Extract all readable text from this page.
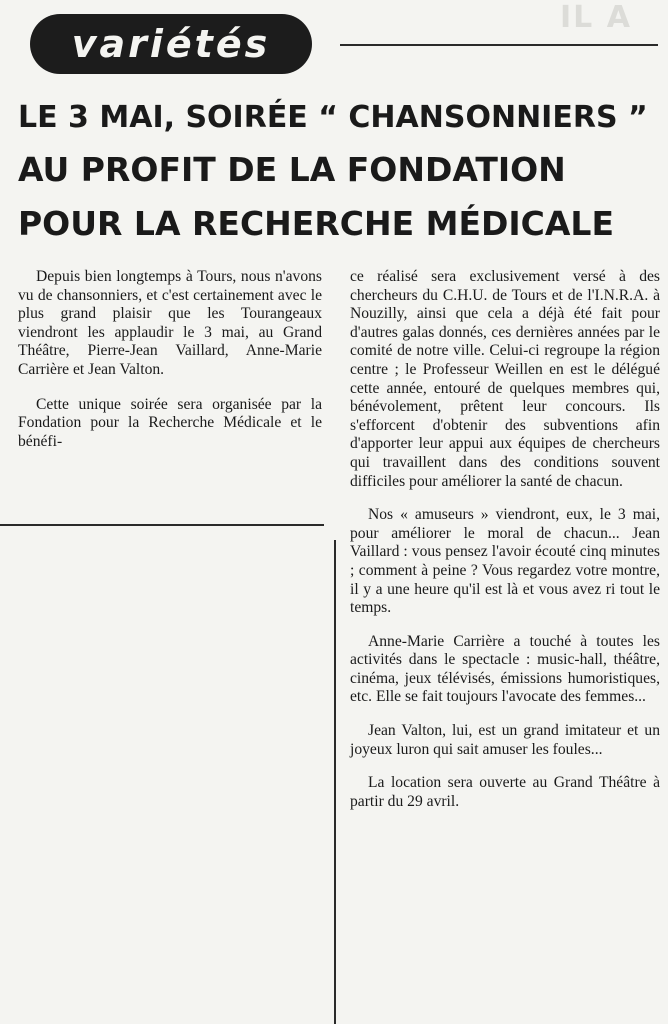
IL A
variétés
LE 3 MAI, SOIRÉE “ CHANSONNIERS ”
AU PROFIT DE LA FONDATION
POUR LA RECHERCHE MÉDICALE

Depuis bien longtemps à Tours, nous n'avons vu de chansonniers, et c'est certainement avec le plus grand plaisir que les Tourangeaux viendront les applaudir le 3 mai, au Grand Théâtre, Pierre-Jean Vaillard, Anne-Marie Carrière et Jean Valton.

Cette unique soirée sera organisée par la Fondation pour la Recherche Médicale et le bénéfi-

ce réalisé sera exclusivement versé à des chercheurs du C.H.U. de Tours et de l'I.N.R.A. à Nouzilly, ainsi que cela a déjà été fait pour d'autres galas donnés, ces dernières années par le comité de notre ville. Celui-ci regroupe la région centre ; le Professeur Weillen en est le délégué cette année, entouré de quelques membres qui, bénévolement, prêtent leur concours. Ils s'efforcent d'obtenir des subventions afin d'apporter leur appui aux équipes de chercheurs qui travaillent dans des conditions souvent difficiles pour améliorer la santé de chacun.

Nos « amuseurs » viendront, eux, le 3 mai, pour améliorer le moral de chacun... Jean Vaillard : vous pensez l'avoir écouté cinq minutes ; comment à peine ? Vous regardez votre montre, il y a une heure qu'il est là et vous avez ri tout le temps.

Anne-Marie Carrière a touché à toutes les activités dans le spectacle : music-hall, théâtre, cinéma, jeux télévisés, émissions humoristiques, etc. Elle se fait toujours l'avocate des femmes...

Jean Valton, lui, est un grand imitateur et un joyeux luron qui sait amuser les foules...

La location sera ouverte au Grand Théâtre à partir du 29 avril.
